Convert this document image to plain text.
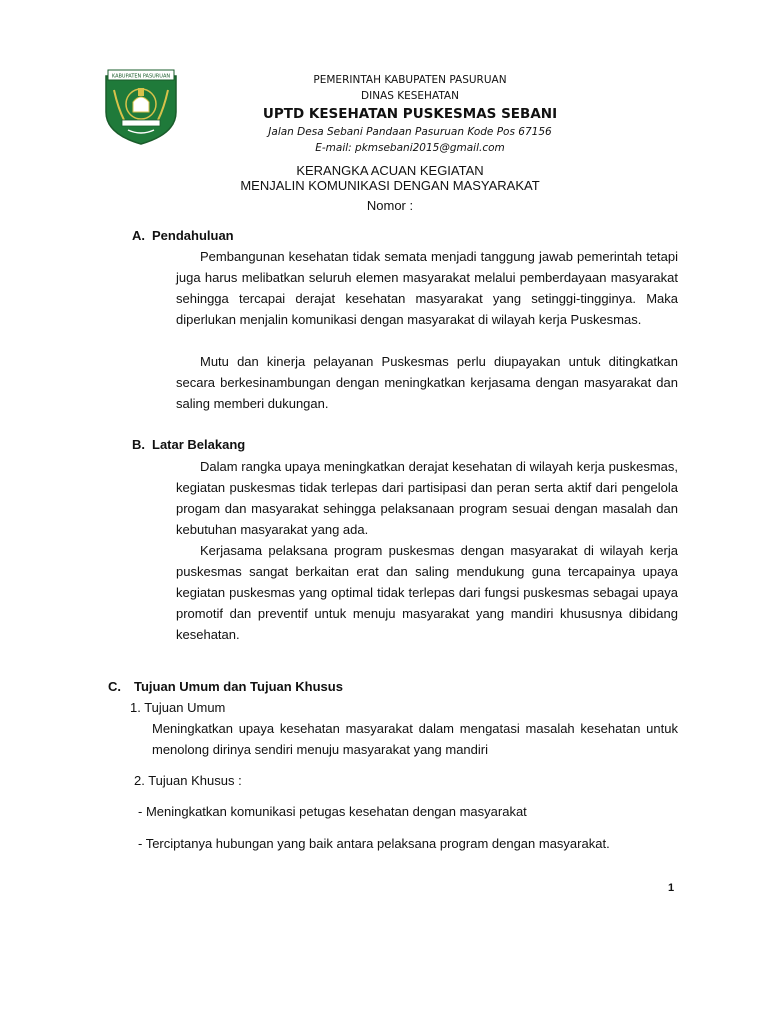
KABUPATEN PASURUAN	PEMERINTAH KABUPATEN PASURUAN
DINAS KESEHATAN
UPTD KESEHATAN PUSKESMAS SEBANI
Jalan Desa Sebani Pandaan Pasuruan Kode Pos 67156
E-mail: pkmsebani2015@gmail.com
KERANGKA ACUAN KEGIATAN
MENJALIN KOMUNIKASI DENGAN MASYARAKAT
Nomor :
A. Pendahuluan
Pembangunan kesehatan tidak semata menjadi tanggung jawab pemerintah tetapi juga harus melibatkan seluruh elemen masyarakat melalui pemberdayaan masyarakat sehingga tercapai derajat kesehatan masyarakat yang setinggi-tingginya. Maka diperlukan menjalin komunikasi dengan masyarakat di wilayah kerja Puskesmas.
Mutu dan kinerja pelayanan Puskesmas perlu diupayakan untuk ditingkatkan secara berkesinambungan dengan meningkatkan kerjasama dengan masyarakat dan saling memberi dukungan.
B. Latar Belakang
Dalam rangka upaya meningkatkan derajat kesehatan di wilayah kerja puskesmas, kegiatan puskesmas tidak terlepas dari partisipasi dan peran serta aktif dari pengelola progam dan masyarakat sehingga pelaksanaan program sesuai dengan masalah dan kebutuhan masyarakat yang ada.
Kerjasama pelaksana program puskesmas dengan masyarakat di wilayah kerja puskesmas sangat berkaitan erat dan saling mendukung guna tercapainya upaya kegiatan puskesmas yang optimal tidak terlepas dari fungsi puskesmas sebagai upaya promotif dan preventif untuk menuju masyarakat yang mandiri khususnya dibidang kesehatan.
C. Tujuan Umum dan Tujuan Khusus
1. Tujuan Umum
Meningkatkan upaya kesehatan masyarakat dalam mengatasi masalah kesehatan untuk menolong dirinya sendiri menuju masyarakat yang mandiri
2. Tujuan Khusus :
- Meningkatkan komunikasi petugas kesehatan dengan masyarakat
- Terciptanya hubungan yang baik antara pelaksana program dengan masyarakat.
1
